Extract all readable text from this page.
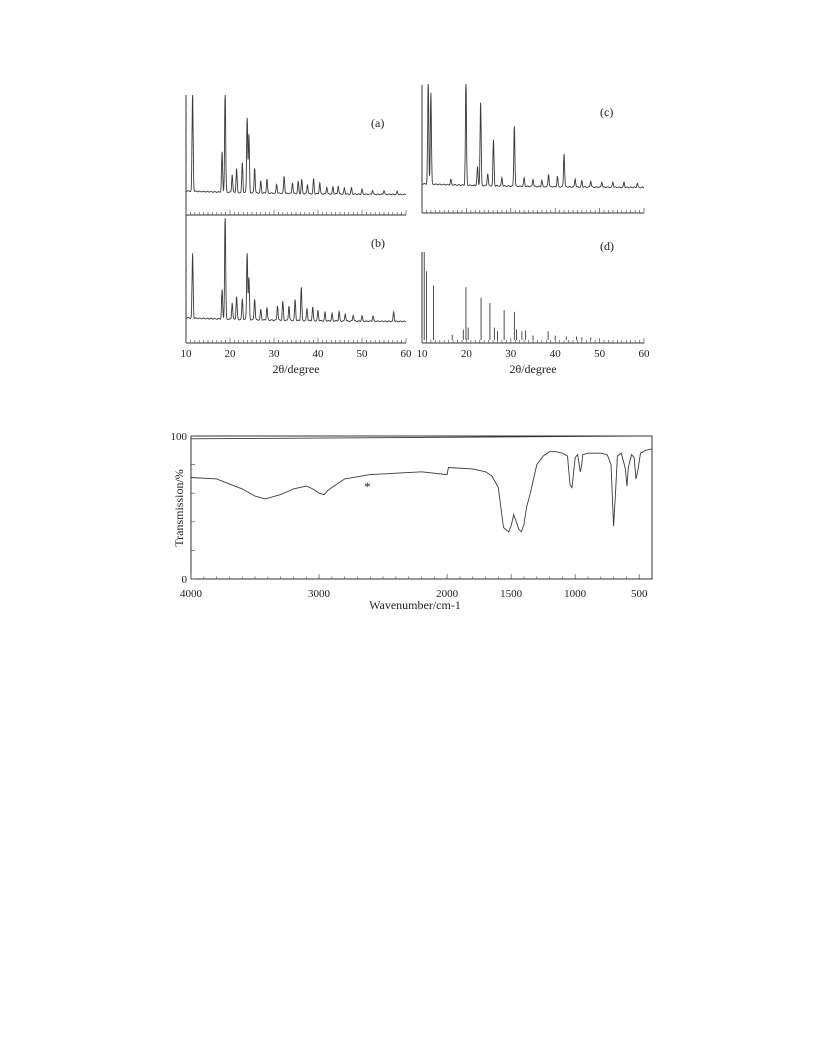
(a)
10	20	30	40	50	60
(b)
2θ/degree
(c)
10	20	30	40	50	60
(d)
2θ/degree
4000	3000	2000	1500	1000	500
0
100
*
Transmission/%
Wavenumber/cm-1
